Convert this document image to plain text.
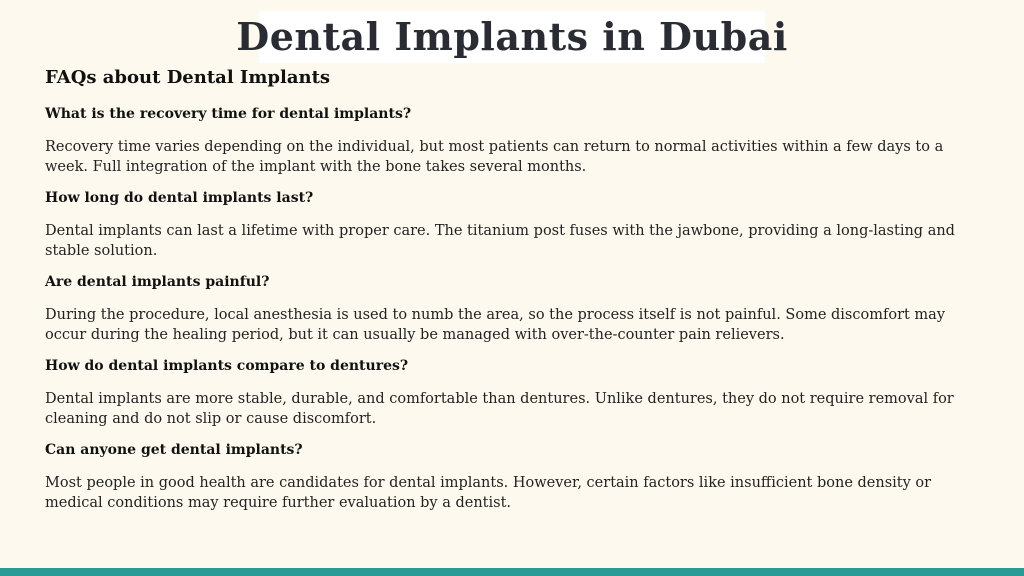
Dental Implants in Dubai
FAQs about Dental Implants

What is the recovery time for dental implants?

Recovery time varies depending on the individual, but most patients can return to normal activities within a few days to a week. Full integration of the implant with the bone takes several months.

How long do dental implants last?

Dental implants can last a lifetime with proper care. The titanium post fuses with the jawbone, providing a long-lasting and stable solution.

Are dental implants painful?

During the procedure, local anesthesia is used to numb the area, so the process itself is not painful. Some discomfort may occur during the healing period, but it can usually be managed with over-the-counter pain relievers.

How do dental implants compare to dentures?

Dental implants are more stable, durable, and comfortable than dentures. Unlike dentures, they do not require removal for cleaning and do not slip or cause discomfort.

Can anyone get dental implants?

Most people in good health are candidates for dental implants. However, certain factors like insufficient bone density or medical conditions may require further evaluation by a dentist.
